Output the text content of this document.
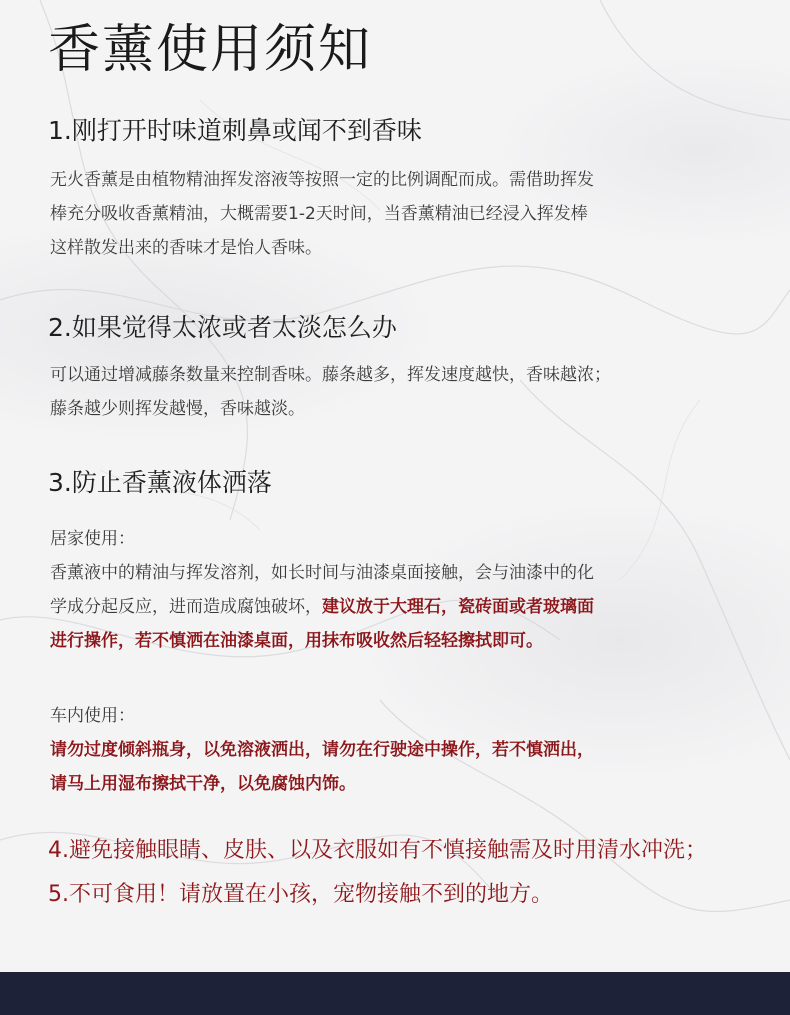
香薰使用须知
1.刚打开时味道刺鼻或闻不到香味
无火香薰是由植物精油挥发溶液等按照一定的比例调配而成。需借助挥发
棒充分吸收香薰精油，大概需要1-2天时间，当香薰精油已经浸入挥发棒
这样散发出来的香味才是怡人香味。
2.如果觉得太浓或者太淡怎么办
可以通过增减藤条数量来控制香味。藤条越多，挥发速度越快，香味越浓；
藤条越少则挥发越慢，香味越淡。
3.防止香薰液体洒落
居家使用：
香薰液中的精油与挥发溶剂，如长时间与油漆桌面接触，会与油漆中的化
学成分起反应，进而造成腐蚀破坏，建议放于大理石，瓷砖面或者玻璃面
进行操作，若不慎洒在油漆桌面，用抹布吸收然后轻轻擦拭即可。
车内使用：
请勿过度倾斜瓶身，以免溶液洒出，请勿在行驶途中操作，若不慎洒出，
请马上用湿布擦拭干净，以免腐蚀内饰。
4.避免接触眼睛、皮肤、以及衣服如有不慎接触需及时用清水冲洗；
5.不可食用！请放置在小孩，宠物接触不到的地方。
